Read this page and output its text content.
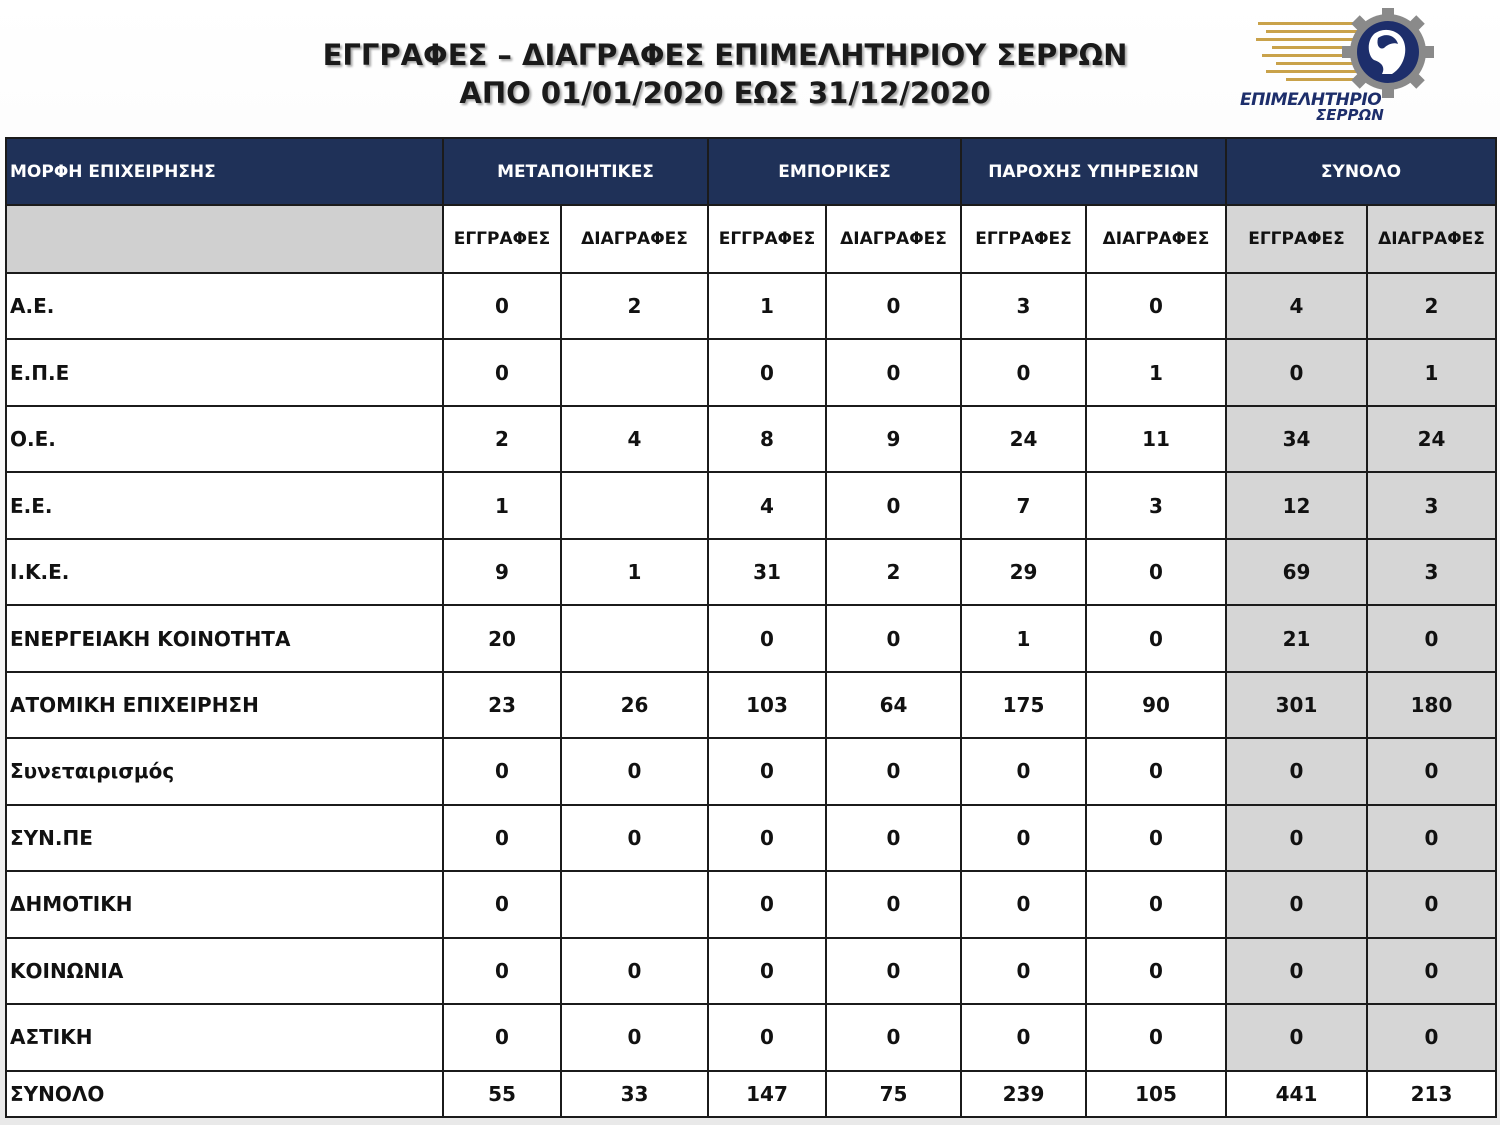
ΕΓΓΡΑΦΕΣ – ΔΙΑΓΡΑΦΕΣ ΕΠΙΜΕΛΗΤΗΡΙΟΥ ΣΕΡΡΩΝ
ΑΠΟ 01/01/2020 ΕΩΣ 31/12/2020	ΕΠΙΜΕΛΗΤΗΡΙΟ
ΣΕΡΡΩΝ
ΜΟΡΦΗ ΕΠΙΧΕΙΡΗΣΗΣ	ΜΕΤΑΠΟΙΗΤΙΚΕΣ		ΕΜΠΟΡΙΚΕΣ		ΠΑΡΟΧΗΣ ΥΠΗΡΕΣΙΩΝ		ΣΥΝΟΛΟ	
	ΕΓΓΡΑΦΕΣ	ΔΙΑΓΡΑΦΕΣ	ΕΓΓΡΑΦΕΣ	ΔΙΑΓΡΑΦΕΣ	ΕΓΓΡΑΦΕΣ	ΔΙΑΓΡΑΦΕΣ	ΕΓΓΡΑΦΕΣ	ΔΙΑΓΡΑΦΕΣ
Α.Ε.	0	2	1	0	3	0	4	2
Ε.Π.Ε	0		0	0	0	1	0	1
Ο.Ε.	2	4	8	9	24	11	34	24
Ε.Ε.	1		4	0	7	3	12	3
Ι.Κ.Ε.	9	1	31	2	29	0	69	3
ΕΝΕΡΓΕΙΑΚΗ ΚΟΙΝΟΤΗΤΑ	20		0	0	1	0	21	0
ΑΤΟΜΙΚΗ ΕΠΙΧΕΙΡΗΣΗ	23	26	103	64	175	90	301	180
Συνεταιρισμός	0	0	0	0	0	0	0	0
ΣΥΝ.ΠΕ	0	0	0	0	0	0	0	0
ΔΗΜΟΤΙΚΗ	0		0	0	0	0	0	0
ΚΟΙΝΩΝΙΑ	0	0	0	0	0	0	0	0
ΑΣΤΙΚΗ	0	0	0	0	0	0	0	0
ΣΥΝΟΛΟ	55	33	147	75	239	105	441	213
